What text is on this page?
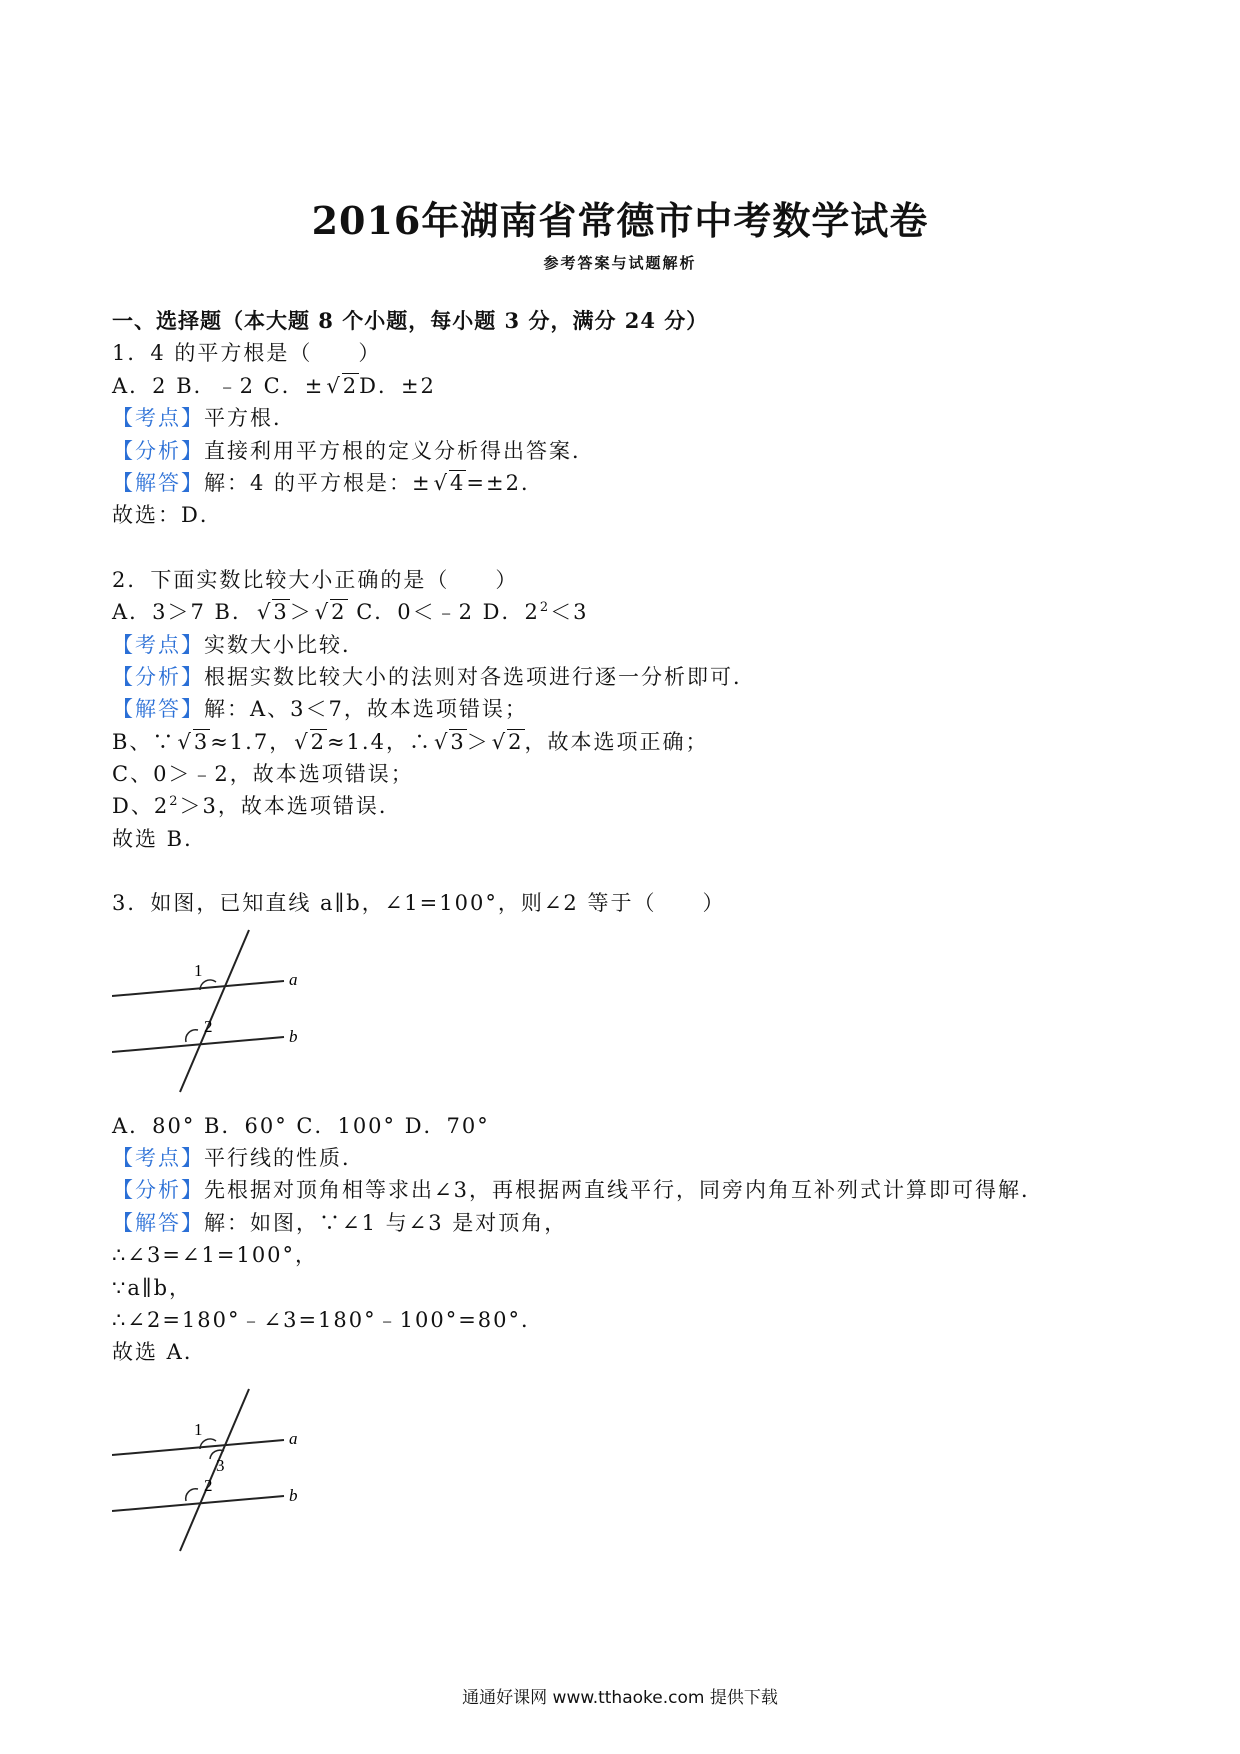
2016年湖南省常德市中考数学试卷
参考答案与试题解析
一、选择题（本大题 8 个小题，每小题 3 分，满分 24 分）
1．4 的平方根是（　　）
A．2 B．﹣2 C．±√2D．±2
【考点】平方根．
【分析】直接利用平方根的定义分析得出答案．
【解答】解：4 的平方根是：±√4=±2．
故选：D．
2．下面实数比较大小正确的是（　　）
A．3＞7 B．√3＞√2 C．0＜﹣2 D．$2^2<3$
【考点】实数大小比较．
【分析】根据实数比较大小的法则对各选项进行逐一分析即可．
【解答】解：A、3＜7，故本选项错误；
B、∵√3≈1.7，√2≈1.4，∴√3＞√2，故本选项正确；
C、0＞﹣2，故本选项错误；
D、$2^2>3$，故本选项错误．
故选 B．
3．如图，已知直线 a∥b，∠1=100°，则∠2 等于（　　）
1
2
a
b
A．80° B．60° C．100° D．70°
【考点】平行线的性质．
【分析】先根据对顶角相等求出∠3，再根据两直线平行，同旁内角互补列式计算即可得解．
【解答】解：如图，∵∠1 与∠3 是对顶角，
∴∠3=∠1=100°，
∵a∥b，
∴∠2=180°﹣∠3=180°﹣100°=80°．
故选 A．
1
3
2
a
b
通通好课网 www.tthaoke.com 提供下载
